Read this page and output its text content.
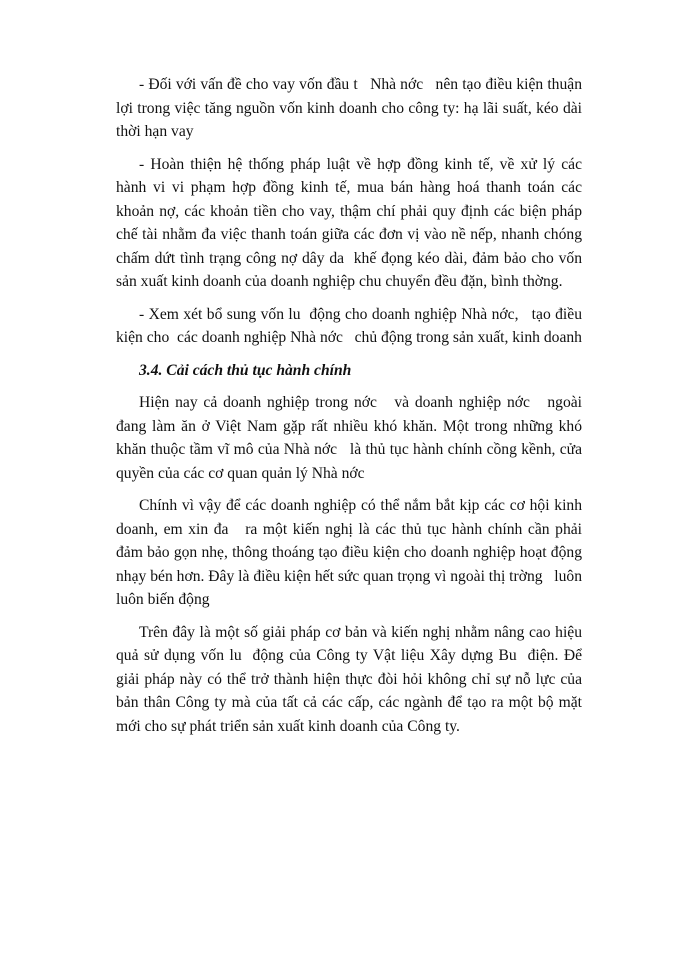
- Đối với vấn đề cho vay vốn đầu t   Nhà nớc   nên tạo điều kiện thuận lợi trong việc tăng nguồn vốn kinh doanh cho công ty: hạ lãi suất, kéo dài thời hạn vay

- Hoàn thiện hệ thống pháp luật về hợp đồng kinh tế, về xử lý các hành vi vi phạm hợp đồng kinh tế, mua bán hàng hoá thanh toán các khoản nợ, các khoản tiền cho vay, thậm chí phải quy định các biện pháp chế tài nhằm đa việc thanh toán giữa các đơn vị vào nề nếp, nhanh chóng chấm dứt tình trạng công nợ dây da  khế đọng kéo dài, đảm bảo cho vốn sản xuất kinh doanh của doanh nghiệp chu chuyển đều đặn, bình thờng.

- Xem xét bổ sung vốn lu  động cho doanh nghiệp Nhà nớc,   tạo điều kiện cho  các doanh nghiệp Nhà nớc   chủ động trong sản xuất, kinh doanh

3.4. Cải cách thủ tục hành chính

Hiện nay cả doanh nghiệp trong nớc   và doanh nghiệp nớc   ngoài đang làm ăn ở Việt Nam gặp rất nhiều khó khăn. Một trong những khó khăn thuộc tầm vĩ mô của Nhà nớc   là thủ tục hành chính cồng kềnh, cửa quyền của các cơ quan quản lý Nhà nớc

Chính vì vậy để các doanh nghiệp có thể nắm bắt kịp các cơ hội kinh doanh, em xin đa   ra một kiến nghị là các thủ tục hành chính cần phải đảm bảo gọn nhẹ, thông thoáng tạo điều kiện cho doanh nghiệp hoạt động nhạy bén hơn. Đây là điều kiện hết sức quan trọng vì ngoài thị trờng   luôn luôn biến động

Trên đây là một số giải pháp cơ bản và kiến nghị nhằm nâng cao hiệu quả sử dụng vốn lu  động của Công ty Vật liệu Xây dựng Bu  điện. Để giải pháp này có thể trở thành hiện thực đòi hỏi không chỉ sự nỗ lực của bản thân Công ty mà của tất cả các cấp, các ngành để tạo ra một bộ mặt mới cho sự phát triển sản xuất kinh doanh của Công ty.
